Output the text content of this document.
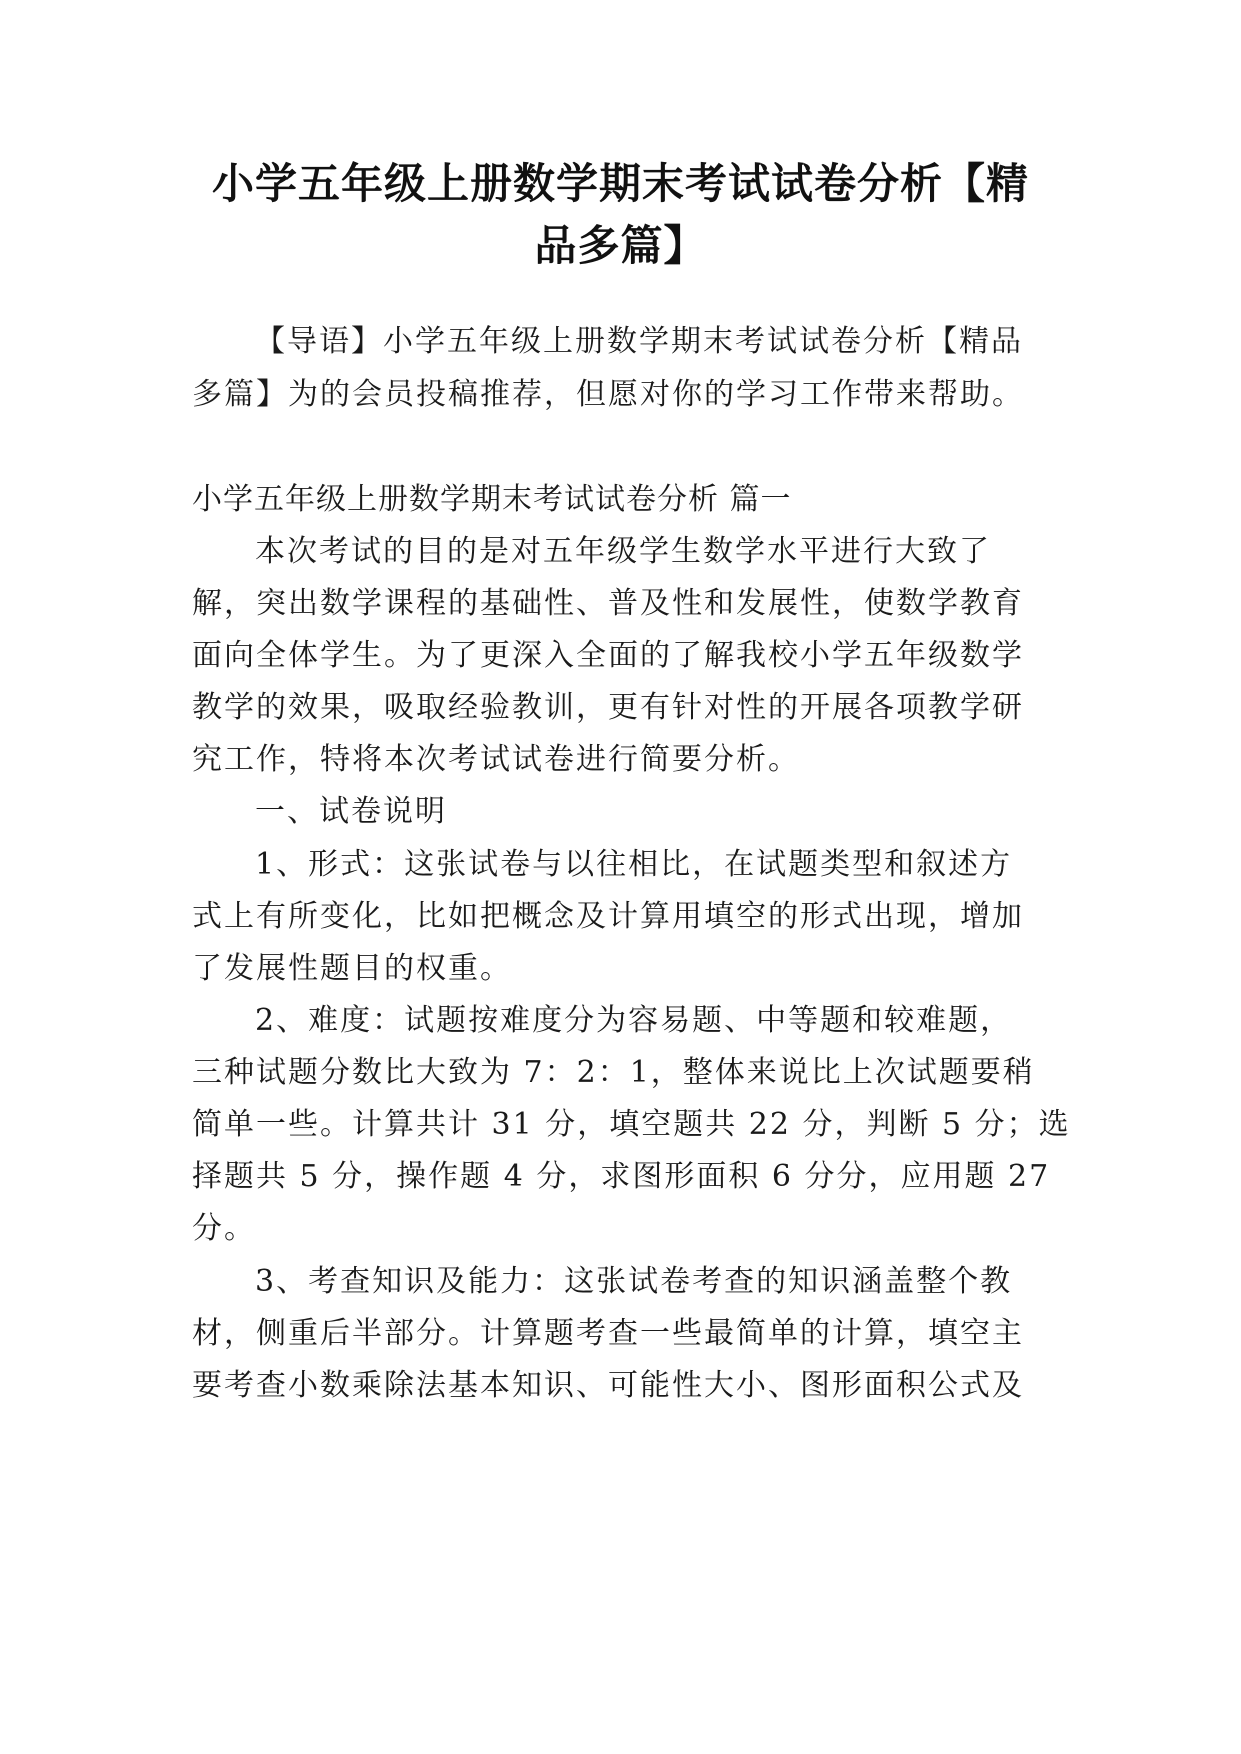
小学五年级上册数学期末考试试卷分析【精
品多篇】
【导语】小学五年级上册数学期末考试试卷分析【精品
多篇】为的会员投稿推荐，但愿对你的学习工作带来帮助。
小学五年级上册数学期末考试试卷分析 篇一
本次考试的目的是对五年级学生数学水平进行大致了
解，突出数学课程的基础性、普及性和发展性，使数学教育
面向全体学生。为了更深入全面的了解我校小学五年级数学
教学的效果，吸取经验教训，更有针对性的开展各项教学研
究工作，特将本次考试试卷进行简要分析。
一、试卷说明
1、形式：这张试卷与以往相比，在试题类型和叙述方
式上有所变化，比如把概念及计算用填空的形式出现，增加
了发展性题目的权重。
2、难度：试题按难度分为容易题、中等题和较难题，
三种试题分数比大致为 7：2：1，整体来说比上次试题要稍
简单一些。计算共计 31 分，填空题共 22 分，判断 5 分；选
择题共 5 分，操作题 4 分，求图形面积 6 分分，应用题 27
分。
3、考查知识及能力：这张试卷考查的知识涵盖整个教
材，侧重后半部分。计算题考查一些最简单的计算，填空主
要考查小数乘除法基本知识、可能性大小、图形面积公式及
